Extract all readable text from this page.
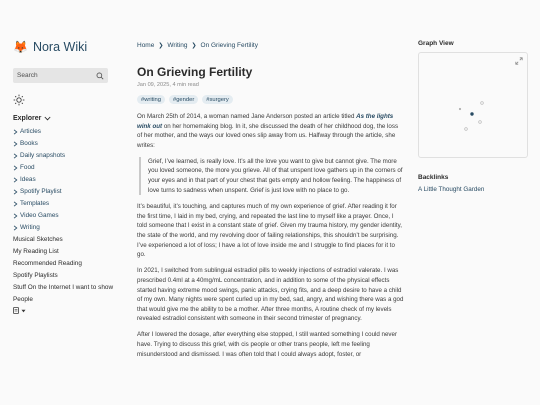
🦊 Nora Wiki
Search
Explorer
Articles
Books
Daily snapshots
Food
Ideas
Spotify Playlist
Templates
Video Games
Writing
Musical Sketches
My Reading List
Recommended Reading
Spotify Playlists
Stuff On the Internet I want to show
People
Home ❯ Writing ❯ On Grieving Fertility
On Grieving Fertility
Jan 09, 2025, 4 min read
#writing	#gender	#surgery

On March 25th of 2014, a woman named Jane Anderson posted an article titled As the lights wink out on her homemaking blog. In it, she discussed the death of her childhood dog, the loss of her mother, and the ways our loved ones slip away from us. Halfway through the article, she writes:

Grief, I’ve learned, is really love. It’s all the love you want to give but cannot give. The more you loved someone, the more you grieve. All of that unspent love gathers up in the corners of your eyes and in that part of your chest that gets empty and hollow feeling. The happiness of love turns to sadness when unspent. Grief is just love with no place to go.

It’s beautiful, it’s touching, and captures much of my own experience of grief. After reading it for the first time, I laid in my bed, crying, and repeated the last line to myself like a prayer. Once, I told someone that I exist in a constant state of grief. Given my trauma history, my gender identity, the state of the world, and my revolving door of failing relationships, this shouldn’t be surprising. I’ve experienced a lot of loss; I have a lot of love inside me and I struggle to find places for it to go.

In 2021, I switched from sublingual estradiol pills to weekly injections of estradiol valerate. I was prescribed 0.4ml at a 40mg/mL concentration, and in addition to some of the physical effects started having extreme mood swings, panic attacks, crying fits, and a deep desire to have a child of my own. Many nights were spent curled up in my bed, sad, angry, and wishing there was a god that would give me the ability to be a mother. After three months, A routine check of my levels revealed estradiol consistent with someone in their second trimester of pregnancy.

After I lowered the dosage, after everything else stopped, I still wanted something I could never have. Trying to discuss this grief, with cis people or other trans people, left me feeling misunderstood and dismissed. I was often told that I could always adopt, foster, or

Graph View
Backlinks
A Little Thought Garden
